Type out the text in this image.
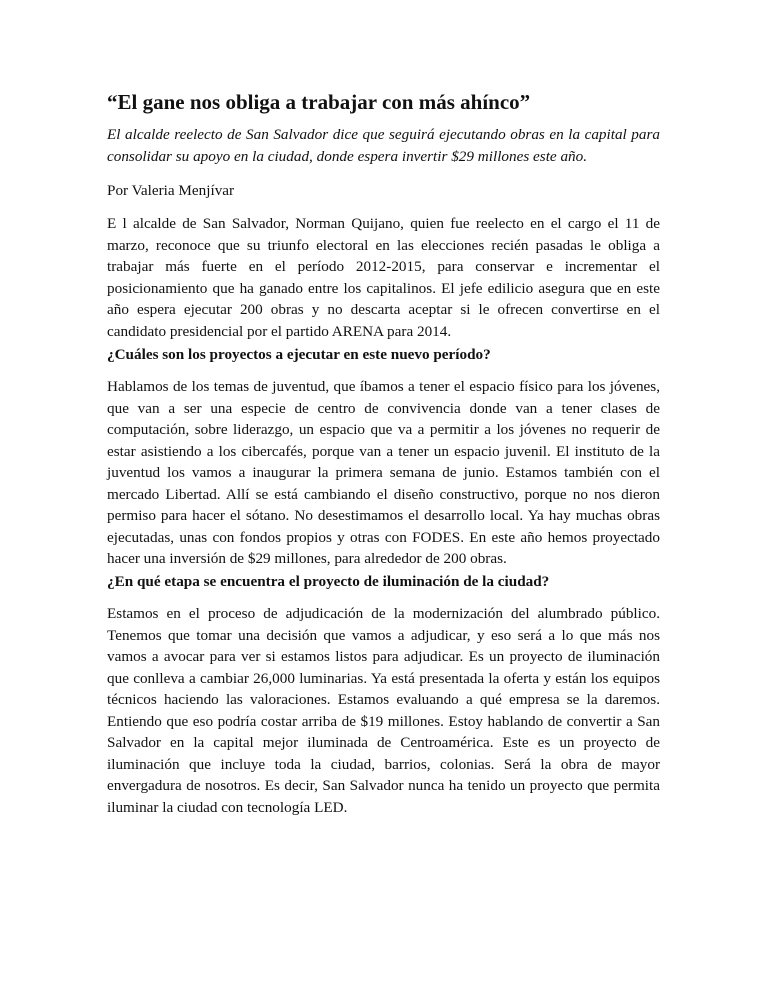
“El gane nos obliga a trabajar con más ahínco”

El alcalde reelecto de San Salvador dice que seguirá ejecutando obras en la capital para consolidar su apoyo en la ciudad, donde espera invertir $29 millones este año.

Por Valeria Menjívar

E l alcalde de San Salvador, Norman Quijano, quien fue reelecto en el cargo el 11 de marzo, reconoce que su triunfo electoral en las elecciones recién pasadas le obliga a trabajar más fuerte en el período 2012-2015, para conservar e incrementar el posicionamiento que ha ganado entre los capitalinos. El jefe edilicio asegura que en este año espera ejecutar 200 obras y no descarta aceptar si le ofrecen convertirse en el candidato presidencial por el partido ARENA para 2014.

¿Cuáles son los proyectos a ejecutar en este nuevo período?

Hablamos de los temas de juventud, que íbamos a tener el espacio físico para los jóvenes, que van a ser una especie de centro de convivencia donde van a tener clases de computación, sobre liderazgo, un espacio que va a permitir a los jóvenes no requerir de estar asistiendo a los cibercafés, porque van a tener un espacio juvenil. El instituto de la juventud los vamos a inaugurar la primera semana de junio. Estamos también con el mercado Libertad. Allí se está cambiando el diseño constructivo, porque no nos dieron permiso para hacer el sótano. No desestimamos el desarrollo local. Ya hay muchas obras ejecutadas, unas con fondos propios y otras con FODES. En este año hemos proyectado hacer una inversión de $29 millones, para alrededor de 200 obras.

¿En qué etapa se encuentra el proyecto de iluminación de la ciudad?

Estamos en el proceso de adjudicación de la modernización del alumbrado público. Tenemos que tomar una decisión que vamos a adjudicar, y eso será a lo que más nos vamos a avocar para ver si estamos listos para adjudicar. Es un proyecto de iluminación que conlleva a cambiar 26,000 luminarias. Ya está presentada la oferta y están los equipos técnicos haciendo las valoraciones. Estamos evaluando a qué empresa se la daremos. Entiendo que eso podría costar arriba de $19 millones. Estoy hablando de convertir a San Salvador en la capital mejor iluminada de Centroamérica. Este es un proyecto de iluminación que incluye toda la ciudad, barrios, colonias. Será la obra de mayor envergadura de nosotros. Es decir, San Salvador nunca ha tenido un proyecto que permita iluminar la ciudad con tecnología LED.
